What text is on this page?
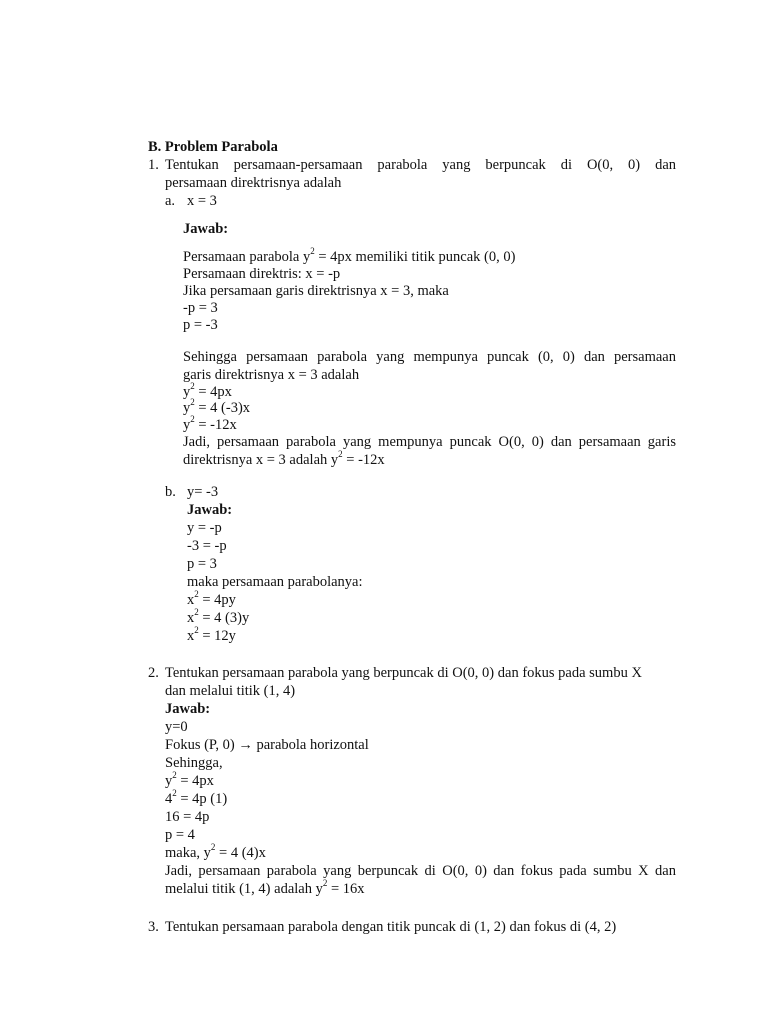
B. Problem Parabola
1. Tentukan persamaan-persamaan parabola yang berpuncak di O(0, 0) dan
persamaan direktrisnya adalah
a. x = 3
Jawab:
Persamaan parabola $y^2 = 4px$ memiliki titik puncak (0, 0)
Persamaan direktris: x = -p
Jika persamaan garis direktrisnya x = 3, maka
-p = 3
p = -3
Sehingga persamaan parabola yang mempunya puncak (0, 0) dan persamaan
garis direktrisnya x = 3 adalah
$y^2 = 4px$
$y^2 = 4$ (-3)x
$y^2 = -12x$
Jadi, persamaan parabola yang mempunya puncak O(0, 0) dan persamaan garis
direktrisnya x = 3 adalah $y^2 = -12x$
b. y= -3
Jawab:
y = -p
-3 = -p
p = 3
maka persamaan parabolanya:
$x^2 = 4py$
$x^2 = 4$ (3)y
$x^2 = 12y$
2. Tentukan persamaan parabola yang berpuncak di O(0, 0) dan fokus pada sumbu X
dan melalui titik (1, 4)
Jawab:
y=0
Fokus (P, 0) → parabola horizontal
Sehingga,
$y^2 = 4px$
$4^2 = 4p$ (1)
16 = 4p
p = 4
maka, $y^2 = 4$ (4)x
Jadi, persamaan parabola yang berpuncak di O(0, 0) dan fokus pada sumbu X dan
melalui titik (1, 4) adalah $y^2 = 16x$
3. Tentukan persamaan parabola dengan titik puncak di (1, 2) dan fokus di (4, 2)
